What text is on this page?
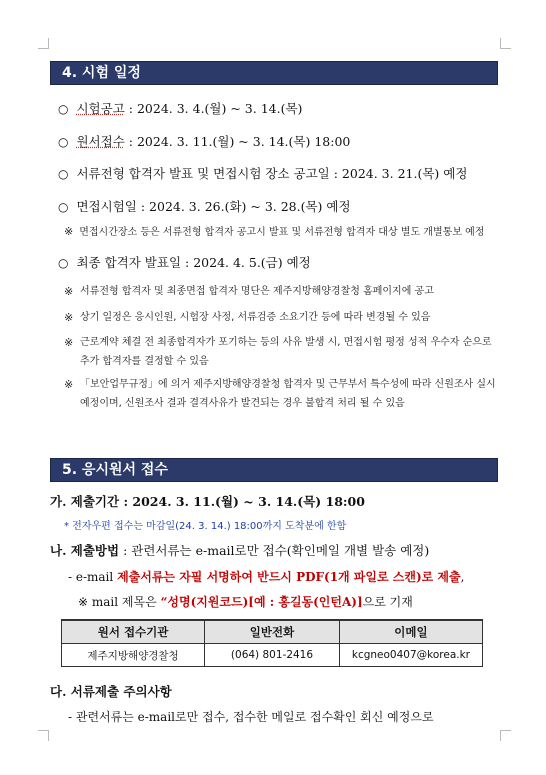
4. 시험 일정
○ 시험공고 : 2024. 3. 4.(월) ~ 3. 14.(목)
○ 원서접수 : 2024. 3. 11.(월) ~ 3. 14.(목) 18:00
○ 서류전형 합격자 발표 및 면접시험 장소 공고일 : 2024. 3. 21.(목) 예정
○ 면접시험일 : 2024. 3. 26.(화) ~ 3. 28.(목) 예정
※ 면접시간장소 등은 서류전형 합격자 공고시 발표 및 서류전형 합격자 대상 별도 개별통보 예정
○ 최종 합격자 발표일 : 2024. 4. 5.(금) 예정
※ 서류전형 합격자 및 최종면접 합격자 명단은 제주지방해양경찰청 홈페이지에 공고
※ 상기 일정은 응시인원, 시험장 사정, 서류검증 소요기간 등에 따라 변경될 수 있음
※ 근로계약 체결 전 최종합격자가 포기하는 등의 사유 발생 시, 면접시험 평정 성적 우수자 순으로 추가 합격자를 결정할 수 있음
※ 「보안업무규정」에 의거 제주지방해양경찰청 합격자 및 근무부서 특수성에 따라 신원조사 실시 예정이며, 신원조사 결과 결격사유가 발견되는 경우 불합격 처리 될 수 있음
5. 응시원서 접수
가. 제출기간 : 2024. 3. 11.(월) ~ 3. 14.(목) 18:00
* 전자우편 접수는 마감일(24. 3. 14.) 18:00까지 도착분에 한함
나. 제출방법 : 관련서류는 e-mail로만 접수(확인메일 개별 발송 예정)
- e-mail 제출서류는 자필 서명하여 반드시 PDF(1개 파일로 스캔)로 제출,
※ mail 제목은 “성명(지원코드)[예 : 홍길동(인턴A)]으로 기재
원서 접수기관	일반전화	이메일
제주지방해양경찰청	(064) 801-2416	kcgneo0407@korea.kr
다. 서류제출 주의사항
- 관련서류는 e-mail로만 접수, 접수한 메일로 접수확인 회신 예정으로
